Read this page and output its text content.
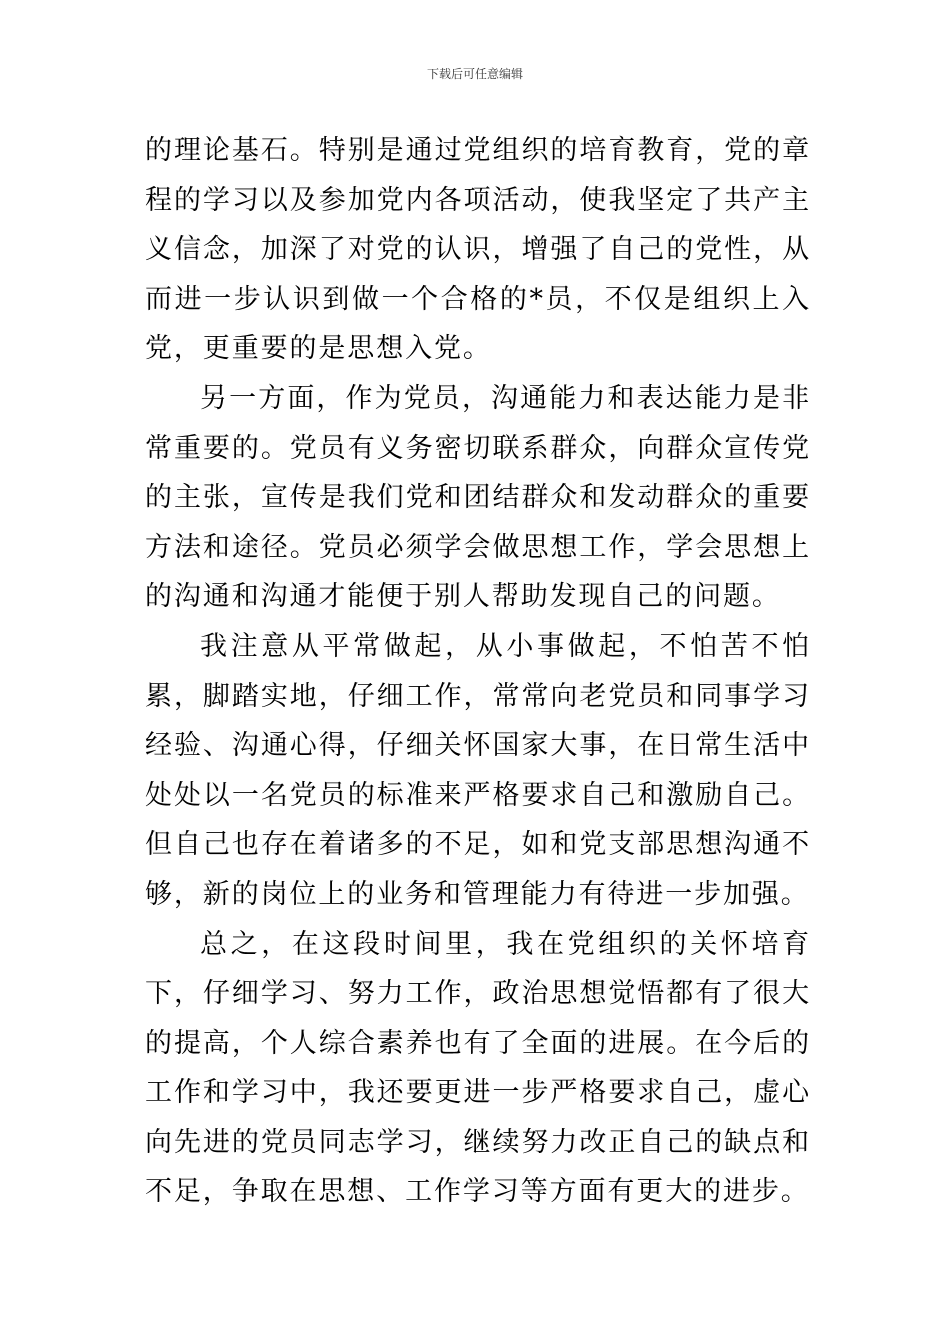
下载后可任意编辑

的理论基石。特别是通过党组织的培育教育，党的章程的学习以及参加党内各项活动，使我坚定了共产主义信念，加深了对党的认识，增强了自己的党性，从而进一步认识到做一个合格的*员，不仅是组织上入党，更重要的是思想入党。

另一方面，作为党员，沟通能力和表达能力是非常重要的。党员有义务密切联系群众，向群众宣传党的主张，宣传是我们党和团结群众和发动群众的重要方法和途径。党员必须学会做思想工作，学会思想上的沟通和沟通才能便于别人帮助发现自己的问题。

我注意从平常做起，从小事做起，不怕苦不怕累，脚踏实地，仔细工作，常常向老党员和同事学习经验、沟通心得，仔细关怀国家大事，在日常生活中处处以一名党员的标准来严格要求自己和激励自己。但自己也存在着诸多的不足，如和党支部思想沟通不够，新的岗位上的业务和管理能力有待进一步加强。

总之，在这段时间里，我在党组织的关怀培育下，仔细学习、努力工作，政治思想觉悟都有了很大的提高，个人综合素养也有了全面的进展。在今后的工作和学习中，我还要更进一步严格要求自己，虚心向先进的党员同志学习，继续努力改正自己的缺点和不足，争取在思想、工作学习等方面有更大的进步。
